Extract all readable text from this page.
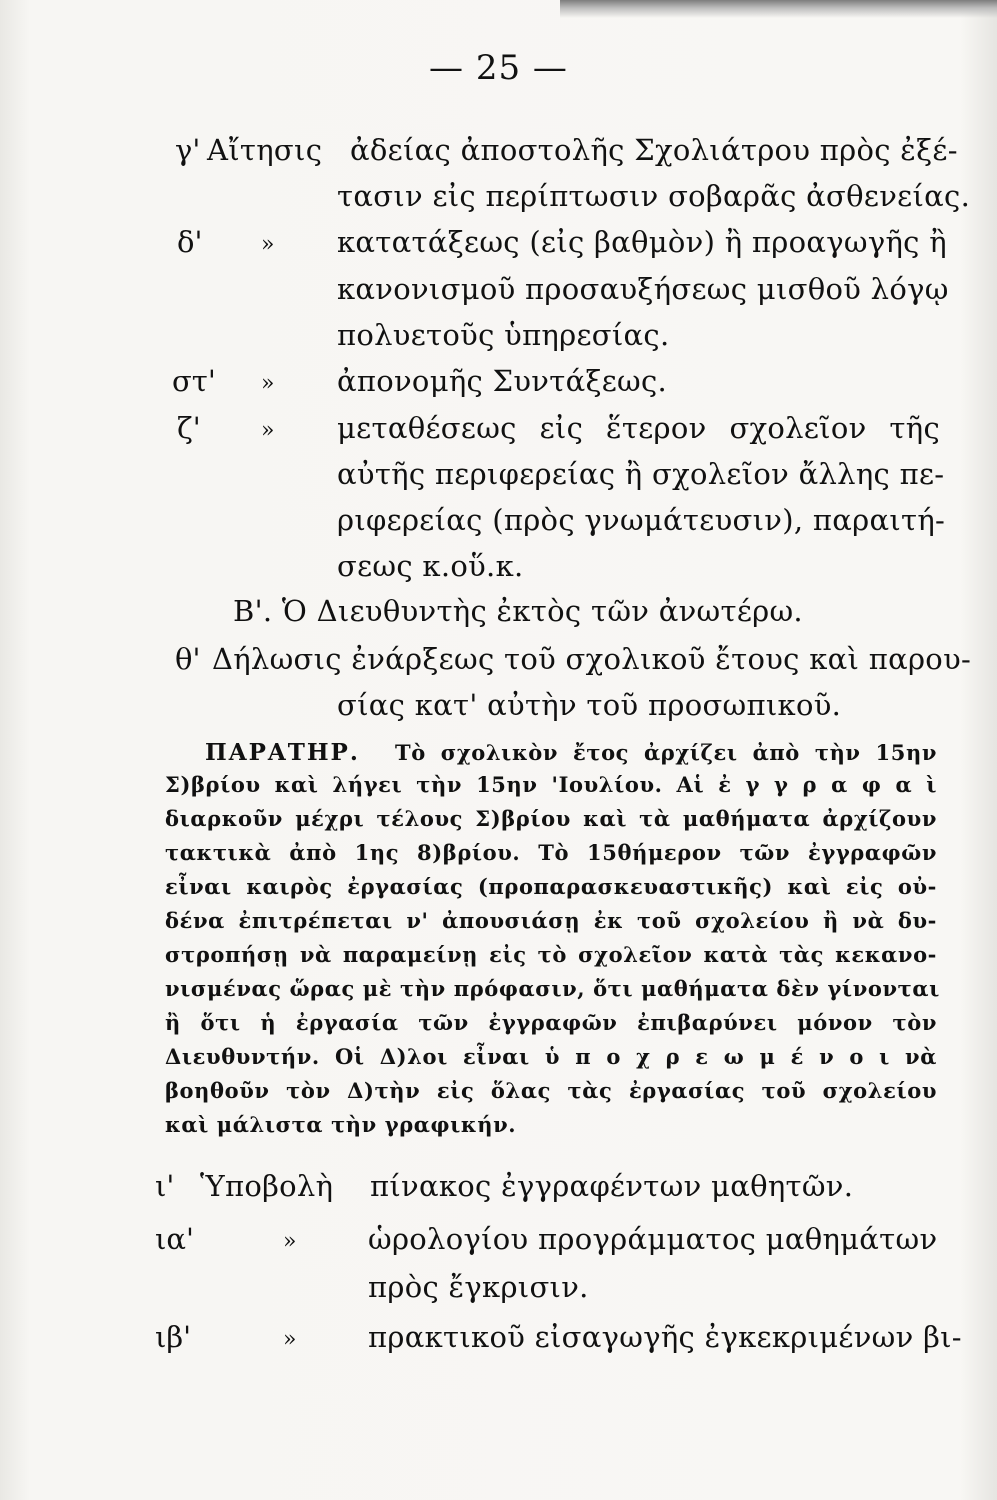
— 25 —
γ' Αἴτησις ἀδείας ἀποστολῆς Σχολιάτρου πρὸς ἐξέ-
τασιν εἰς περίπτωσιν σοβαρᾶς ἀσθενείας.
δ'	» κατατάξεως (εἰς βαθμὸν) ἢ προαγωγῆς ἢ
κανονισμοῦ προσαυξήσεως μισθοῦ λόγῳ
πολυετοῦς ὑπηρεσίας.
στ' » ἀπονομῆς Συντάξεως.
ζ'	» μεταθέσεως εἰς ἕτερον σχολεῖον τῆς
αὐτῆς περιφερείας ἢ σχολεῖον ἄλλης πε-
ριφερείας (πρὸς γνωμάτευσιν), παραιτή-
σεως κ.οὕ.κ.
Β'. Ὁ Διευθυντὴς ἐκτὸς τῶν ἀνωτέρω.
θ' Δήλωσις ἐνάρξεως τοῦ σχολικοῦ ἔτους καὶ παρου-
σίας κατ' αὐτὴν τοῦ προσωπικοῦ.
ΠΑΡΑΤΗΡ. Τὸ σχολικὸν ἔτος ἀρχίζει ἀπὸ τὴν 15ην
Σ)βρίου καὶ λήγει τὴν 15ην 'Ιουλίου. Αἱ ἐ γ γ ρ α φ α ὶ
διαρκοῦν μέχρι τέλους Σ)βρίου καὶ τὰ μαθήματα ἀρχίζουν
τακτικὰ ἀπὸ 1ης 8)βρίου. Τὸ 15θήμερον τῶν ἐγγραφῶν
εἶναι καιρὸς ἐργασίας (προπαρασκευαστικῆς) καὶ εἰς οὐ-
δένα ἐπιτρέπεται ν' ἀπουσιάσῃ ἐκ τοῦ σχολείου ἢ νὰ δυ-
στροπήσῃ νὰ παραμείνῃ εἰς τὸ σχολεῖον κατὰ τὰς κεκανο-
νισμένας ὥρας μὲ τὴν πρόφασιν, ὅτι μαθήματα δὲν γίνονται
ἢ ὅτι ἡ ἐργασία τῶν ἐγγραφῶν ἐπιβαρύνει μόνον τὸν
Διευθυντήν. Οἱ Δ)λοι εἶναι ὑ π ο χ ρ ε ω μ έ ν ο ι νὰ
βοηθοῦν τὸν Δ)τὴν εἰς ὅλας τὰς ἐργασίας τοῦ σχολείου
καὶ μάλιστα τὴν γραφικήν.
ι' Ὑποβολὴ πίνακος ἐγγραφέντων μαθητῶν.
ια'	» ὡρολογίου προγράμματος μαθημάτων
πρὸς ἔγκρισιν.
ιβ'	» πρακτικοῦ εἰσαγωγῆς ἐγκεκριμένων βι-
